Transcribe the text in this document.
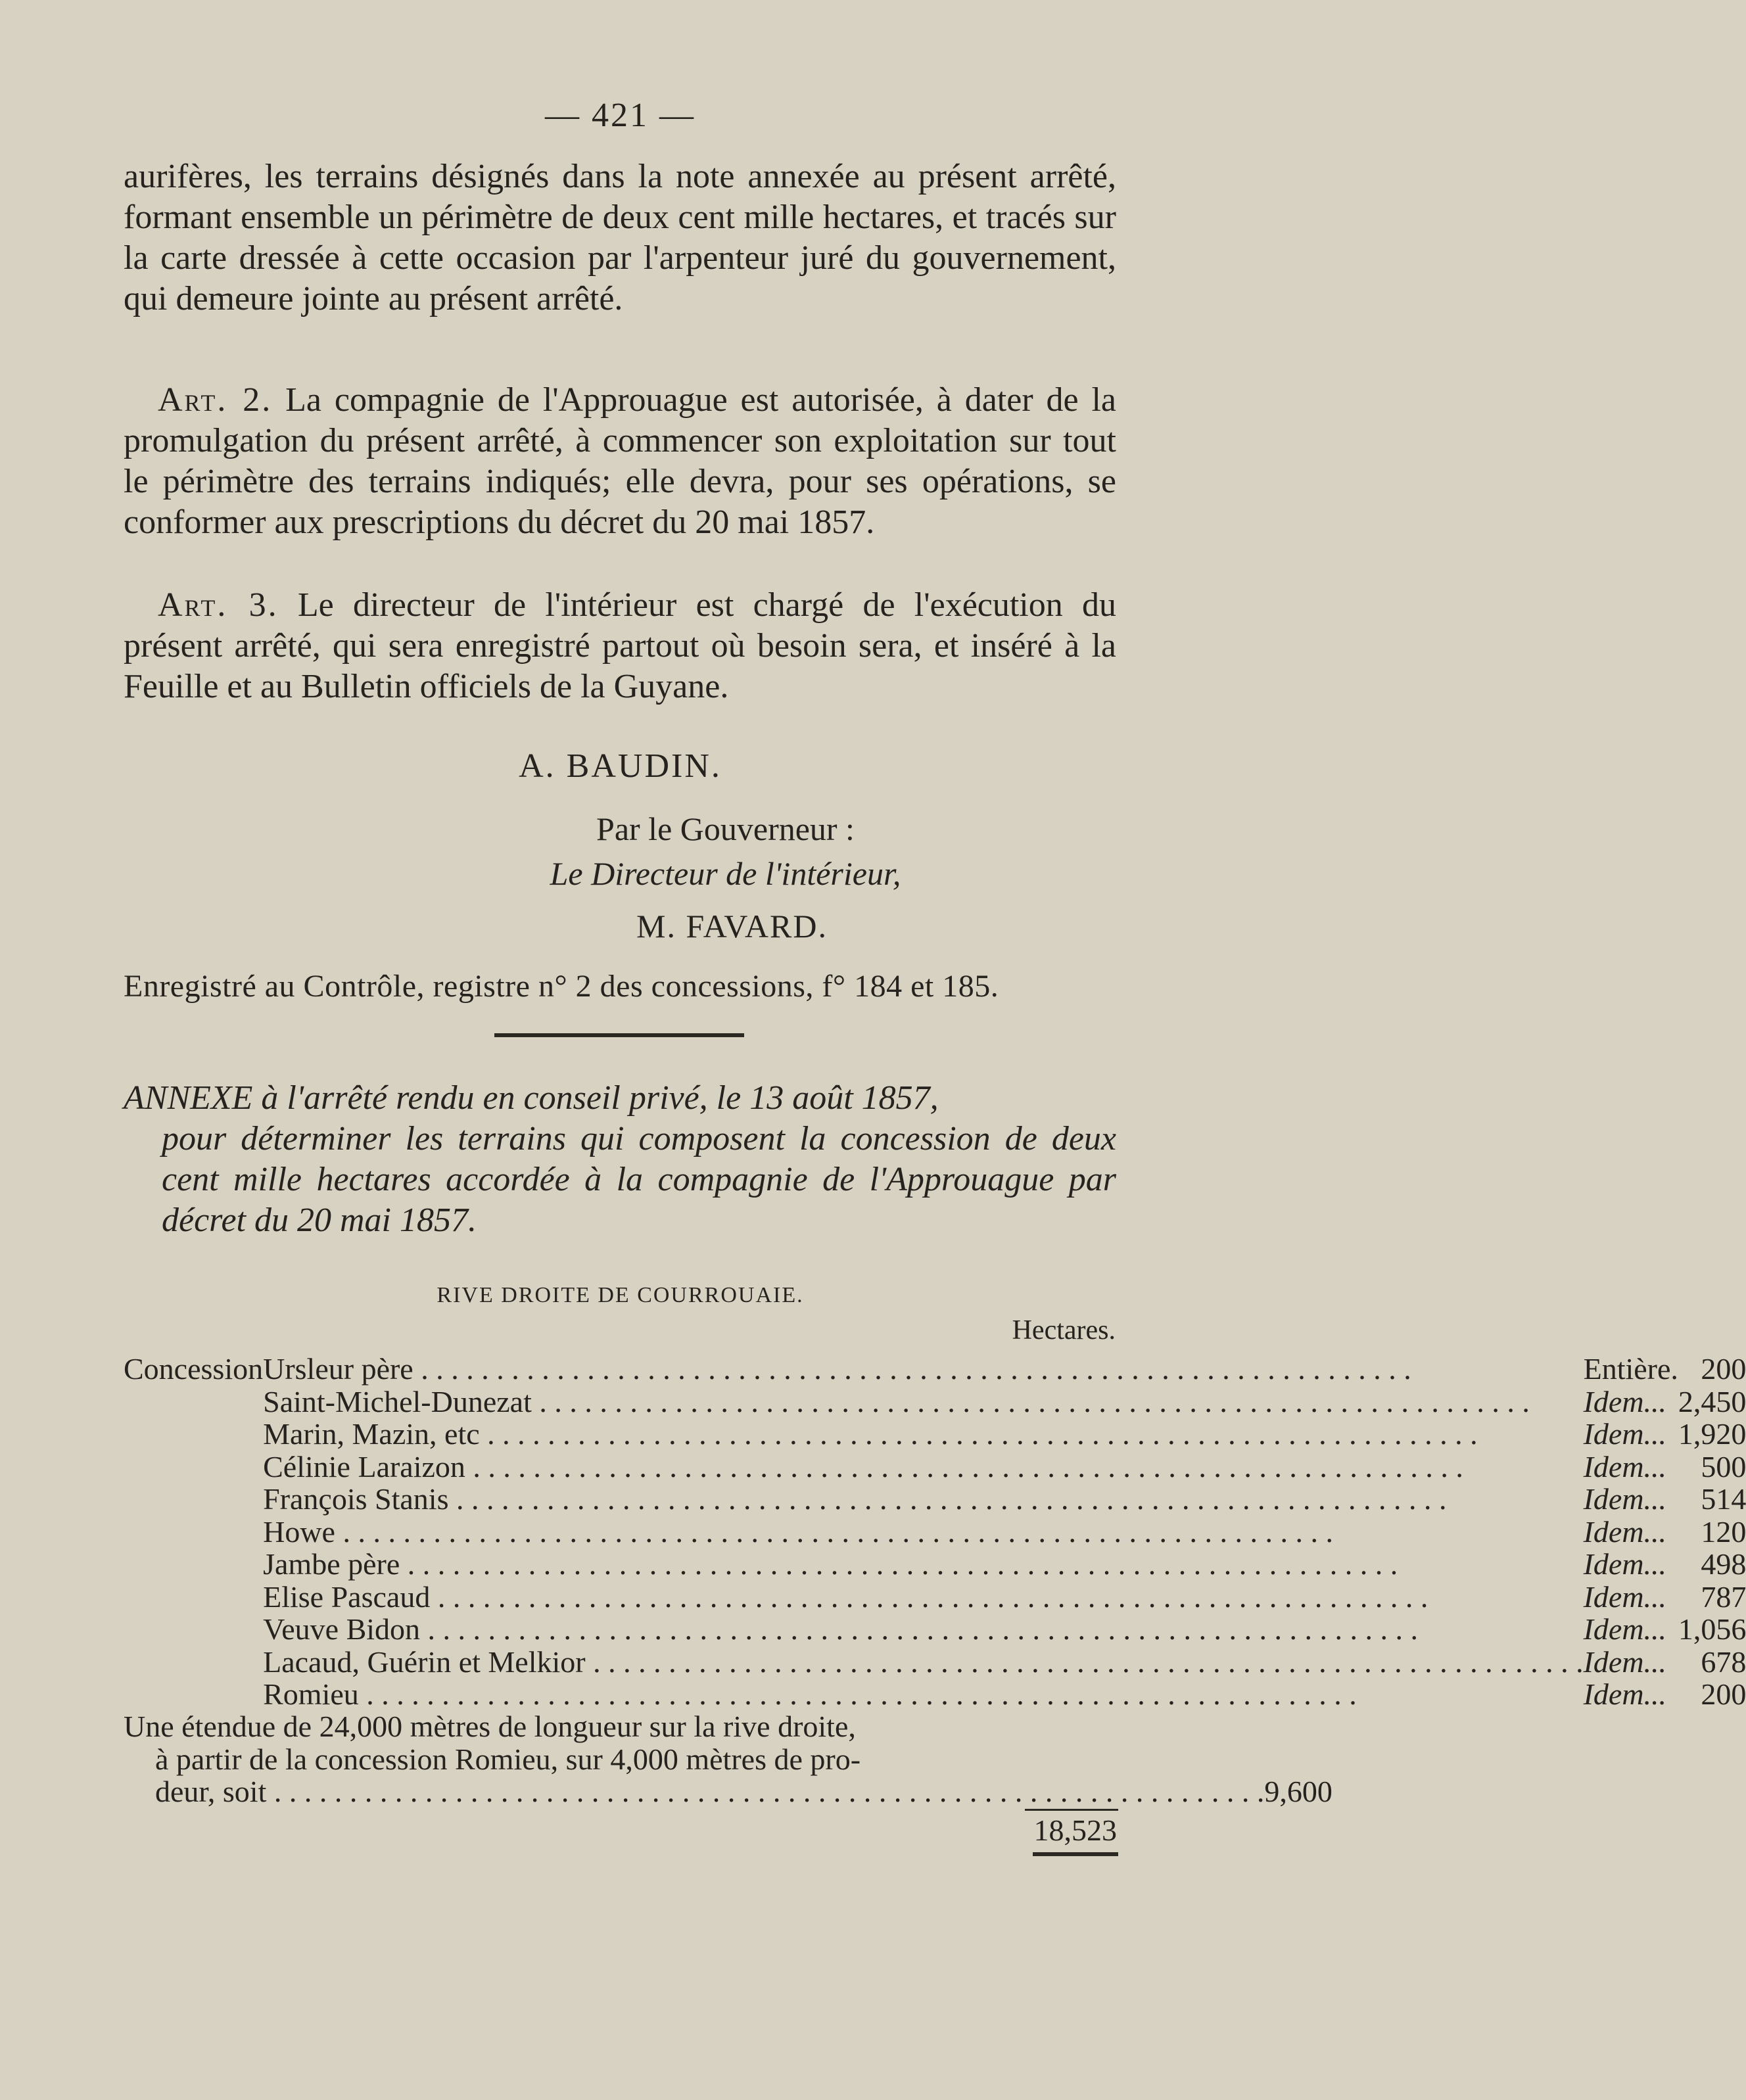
— 421 —
aurifères, les terrains désignés dans la note annexée au présent arrêté, formant ensemble un périmètre de deux cent mille hectares, et tracés sur la carte dressée à cette occasion par l'arpenteur juré du gouvernement, qui demeure jointe au présent arrêté.
Art. 2. La compagnie de l'Approuague est autorisée, à dater de la promulgation du présent arrêté, à commencer son exploitation sur tout le périmètre des terrains indiqués; elle devra, pour ses opérations, se conformer aux prescriptions du décret du 20 mai 1857.
Art. 3. Le directeur de l'intérieur est chargé de l'exécution du présent arrêté, qui sera enregistré partout où besoin sera, et inséré à la Feuille et au Bulletin officiels de la Guyane.
A. BAUDIN.
Par le Gouverneur :
Le Directeur de l'intérieur,
M. FAVARD.
Enregistré au Contrôle, registre n° 2 des concessions, f° 184 et 185.

ANNEXE à l'arrêté rendu en conseil privé, le 13 août 1857,

pour déterminer les terrains qui composent la concession de deux cent mille hectares accordée à la compagnie de l'Approuague par décret du 20 mai 1857.

RIVE DROITE DE COURROUAIE.
Hectares.
Concession	Ursleur père . . .	Entière.	200
	Saint-Michel-Dunezat . . .	Idem...	2,450
	Marin, Mazin, etc . . .	Idem...	1,920
	Célinie Laraizon . . .	Idem...	500
	François Stanis . . .	Idem...	514
	Howe . . .	Idem...	120
	Jambe père . . .	Idem...	498
	Elise Pascaud . . .	Idem...	787
	Veuve Bidon . . .	Idem...	1,056
	Lacaud, Guérin et Melkior . . .	Idem...	678
	Romieu . . .	Idem...	200
Une étendue de 24,000 mètres de longueur sur la rive droite,
à partir de la concession Romieu, sur 4,000 mètres de pro-
deur, soit . . .	9,600
18,523
